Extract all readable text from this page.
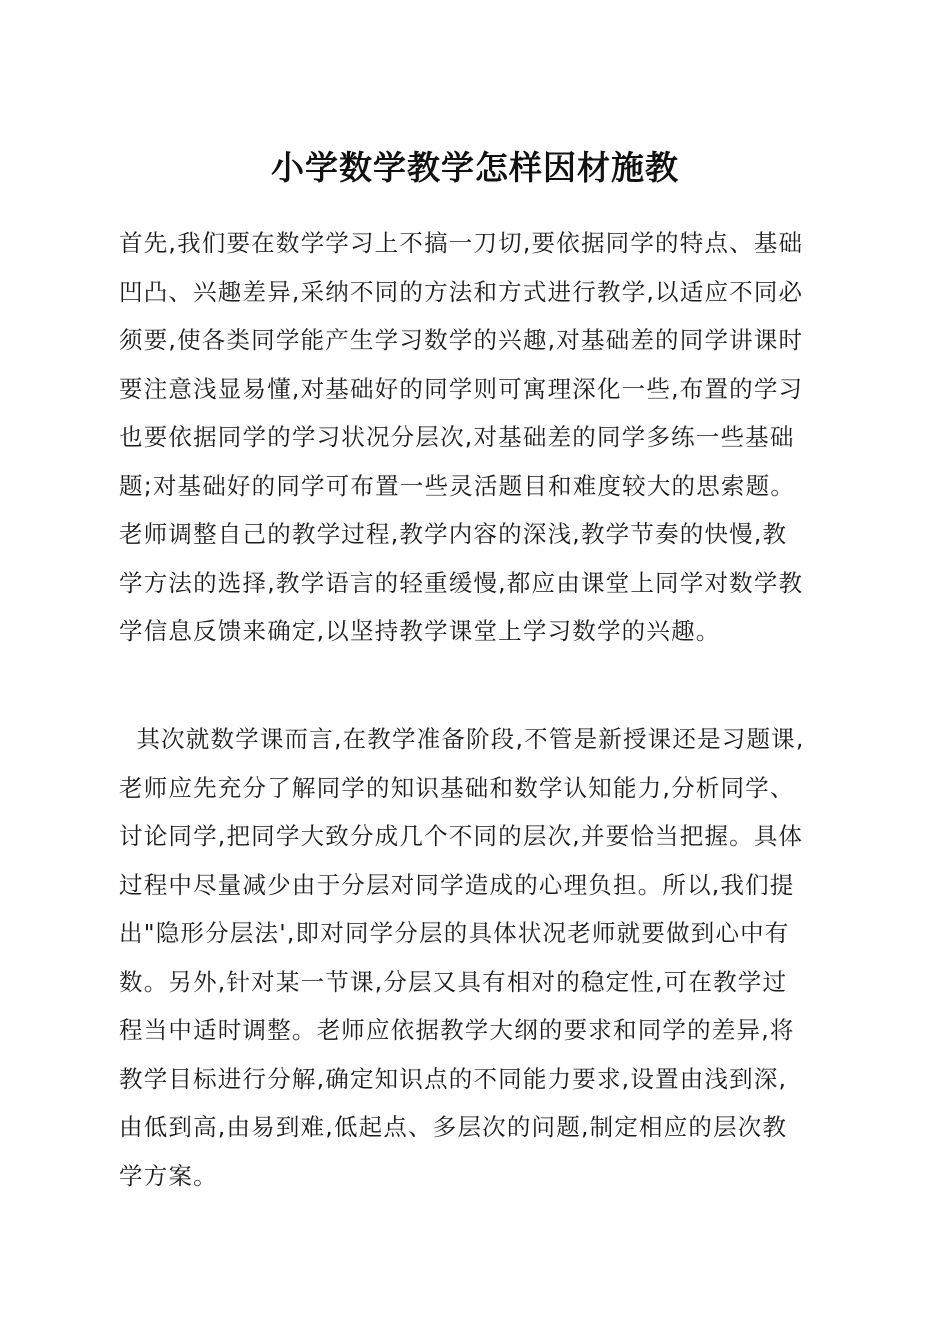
小学数学教学怎样因材施教
首先,我们要在数学学习上不搞一刀切,要依据同学的特点、基础
凹凸、兴趣差异,采纳不同的方法和方式进行教学,以适应不同必
须要,使各类同学能产生学习数学的兴趣,对基础差的同学讲课时
要注意浅显易懂,对基础好的同学则可寓理深化一些,布置的学习
也要依据同学的学习状况分层次,对基础差的同学多练一些基础
题;对基础好的同学可布置一些灵活题目和难度较大的思索题。
老师调整自己的教学过程,教学内容的深浅,教学节奏的快慢,教
学方法的选择,教学语言的轻重缓慢,都应由课堂上同学对数学教
学信息反馈来确定,以坚持教学课堂上学习数学的兴趣。
其次就数学课而言,在教学准备阶段,不管是新授课还是习题课,
老师应先充分了解同学的知识基础和数学认知能力,分析同学、
讨论同学,把同学大致分成几个不同的层次,并要恰当把握。具体
过程中尽量减少由于分层对同学造成的心理负担。所以,我们提
出"隐形分层法',即对同学分层的具体状况老师就要做到心中有
数。另外,针对某一节课,分层又具有相对的稳定性,可在教学过
程当中适时调整。老师应依据教学大纲的要求和同学的差异,将
教学目标进行分解,确定知识点的不同能力要求,设置由浅到深,
由低到高,由易到难,低起点、多层次的问题,制定相应的层次教
学方案。
